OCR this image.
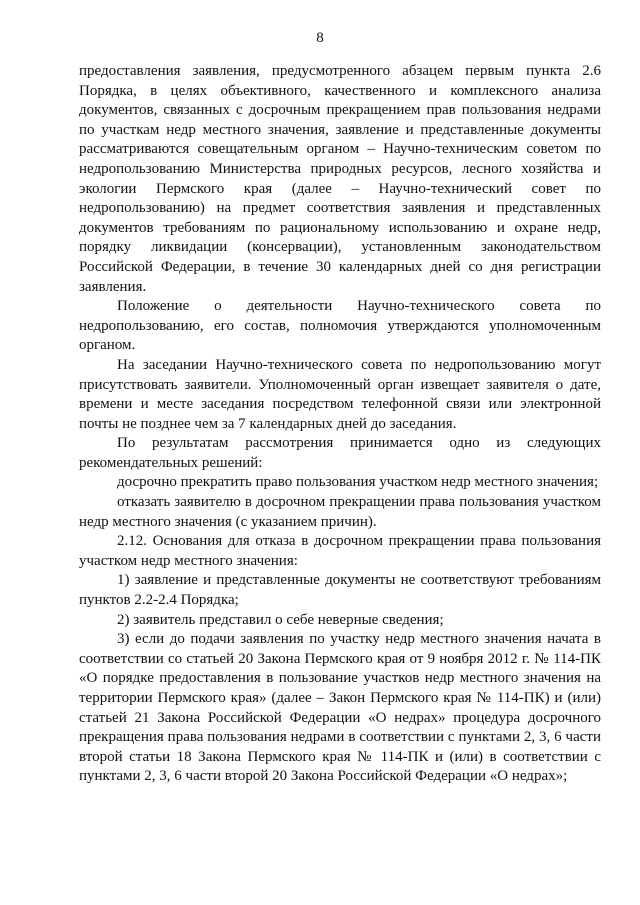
8

предоставления заявления, предусмотренного абзацем первым пункта 2.6 Порядка, в целях объективного, качественного и комплексного анализа документов, связанных с досрочным прекращением прав пользования недрами по участкам недр местного значения, заявление и представленные документы рассматриваются совещательным органом – Научно-техническим советом по недропользованию Министерства природных ресурсов, лесного хозяйства и экологии Пермского края (далее – Научно-технический совет по недропользованию) на предмет соответствия заявления и представленных документов требованиям по рациональному использованию и охране недр, порядку ликвидации (консервации), установленным законодательством Российской Федерации, в течение 30 календарных дней со дня регистрации заявления.

Положение о деятельности Научно-технического совета по недропользованию, его состав, полномочия утверждаются уполномоченным органом.

На заседании Научно-технического совета по недропользованию могут присутствовать заявители. Уполномоченный орган извещает заявителя о дате, времени и месте заседания посредством телефонной связи или электронной почты не позднее чем за 7 календарных дней до заседания.

По результатам рассмотрения принимается одно из следующих рекомендательных решений:

досрочно прекратить право пользования участком недр местного значения;

отказать заявителю в досрочном прекращении права пользования участком недр местного значения (с указанием причин).

2.12. Основания для отказа в досрочном прекращении права пользования участком недр местного значения:

1) заявление и представленные документы не соответствуют требованиям пунктов 2.2-2.4 Порядка;

2) заявитель представил о себе неверные сведения;

3) если до подачи заявления по участку недр местного значения начата в соответствии со статьей 20 Закона Пермского края от 9 ноября 2012 г. № 114-ПК «О порядке предоставления в пользование участков недр местного значения на территории Пермского края» (далее – Закон Пермского края № 114-ПК) и (или) статьей 21 Закона Российской Федерации «О недрах» процедура досрочного прекращения права пользования недрами в соответствии с пунктами 2, 3, 6 части второй статьи 18 Закона Пермского края № 114-ПК и (или) в соответствии с пунктами 2, 3, 6 части второй 20 Закона Российской Федерации «О недрах»;
